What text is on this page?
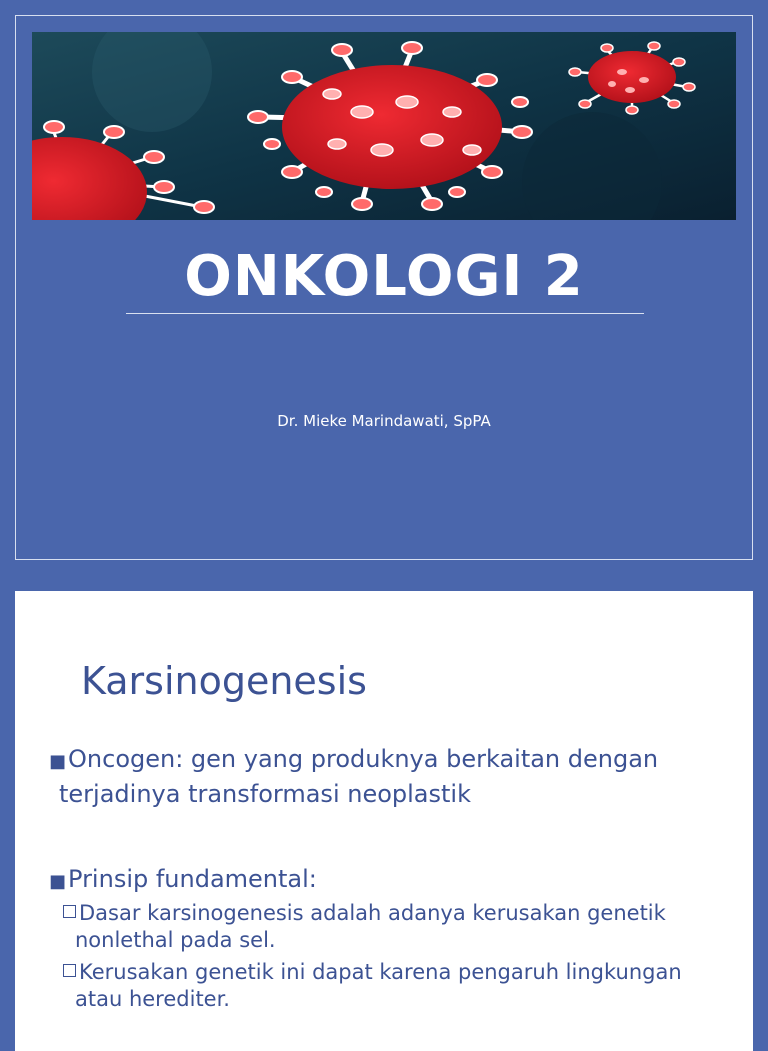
ONKOLOGI 2
Dr. Mieke Marindawati, SpPA
Karsinogenesis
■Oncogen: gen yang produknya berkaitan dengan
terjadinya transformasi neoplastik
■Prinsip fundamental:
Dasar karsinogenesis adalah adanya kerusakan genetik
nonlethal pada sel.
Kerusakan genetik ini dapat karena pengaruh lingkungan
atau herediter.
